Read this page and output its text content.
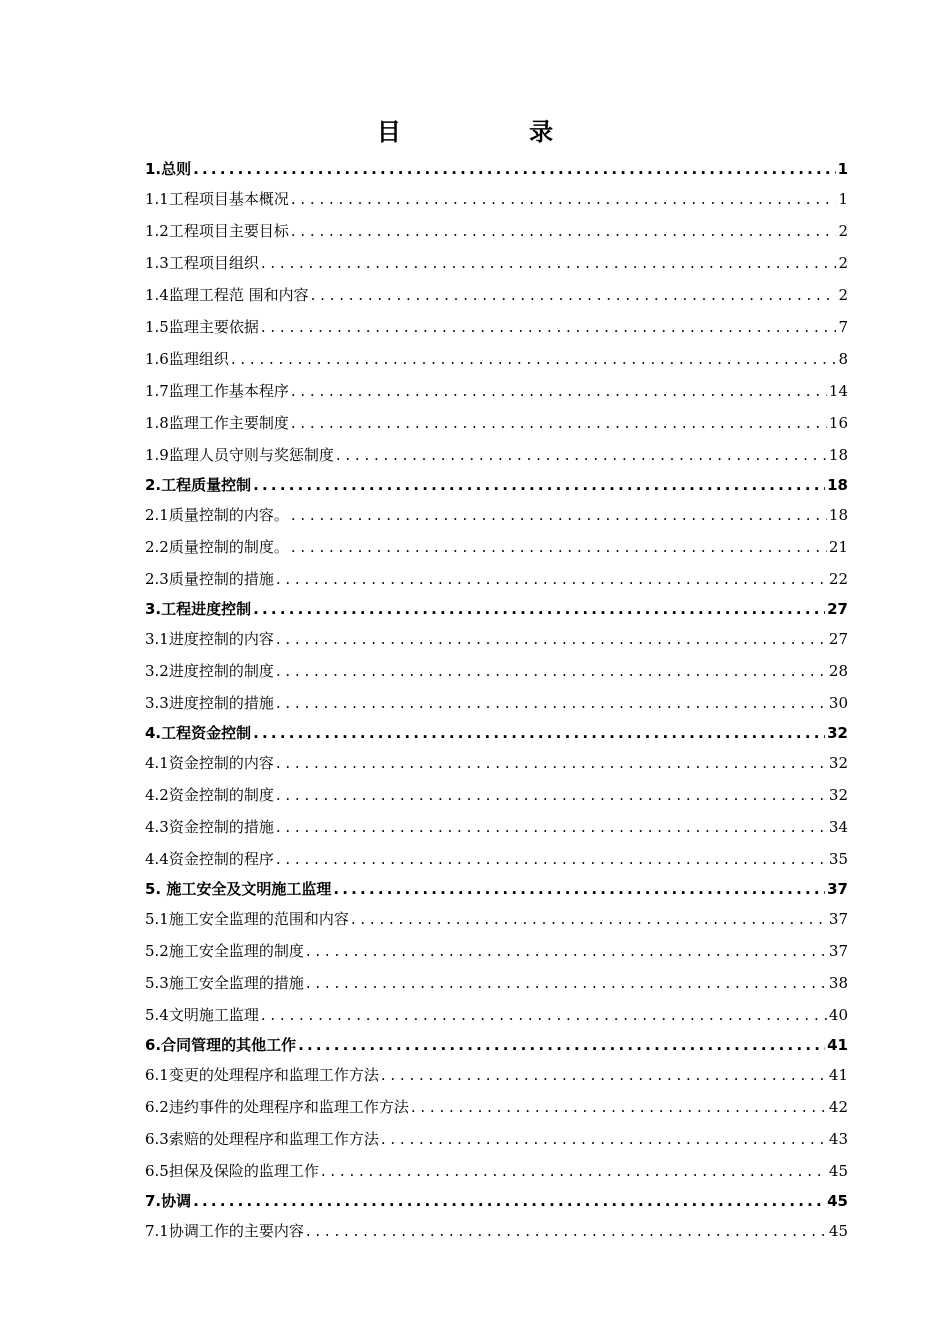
目 录
1.总则 .....	1
1.1工程项目基本概况 . . .	1
1.2工程项目主要目标 . . .	2
1.3工程项目组织 . . .	2
1.4监理工程范 围和内容 . . .	2
1.5监理主要依据 . . .	7
1.6监理组织 . . .	8
1.7监理工作基本程序 . . .	14
1.8监理工作主要制度 . . .	16
1.9监理人员守则与奖惩制度 . . .	18
2.工程质量控制 .....	18
2.1质量控制的内容。 . . .	18
2.2质量控制的制度。 . . .	21
2.3质量控制的措施 . . .	22
3.工程进度控制 .....	27
3.1进度控制的内容 . . .	27
3.2进度控制的制度 . . .	28
3.3进度控制的措施 . . .	30
4.工程资金控制 .....	32
4.1资金控制的内容 . . .	32
4.2资金控制的制度 . . .	32
4.3资金控制的措施 . . .	34
4.4资金控制的程序 . . .	35
5. 施工安全及文明施工监理 .....	37
5.1施工安全监理的范围和内容 . . .	37
5.2施工安全监理的制度 . . .	37
5.3施工安全监理的措施 . . .	38
5.4文明施工监理 . . .	40
6.合同管理的其他工作 .....	41
6.1变更的处理程序和监理工作方法 . . .	41
6.2违约事件的处理程序和监理工作方法 . . .	42
6.3索赔的处理程序和监理工作方法 . . .	43
6.5担保及保险的监理工作 . . .	45
7.协调 .....	45
7.1协调工作的主要内容 . . .	45
